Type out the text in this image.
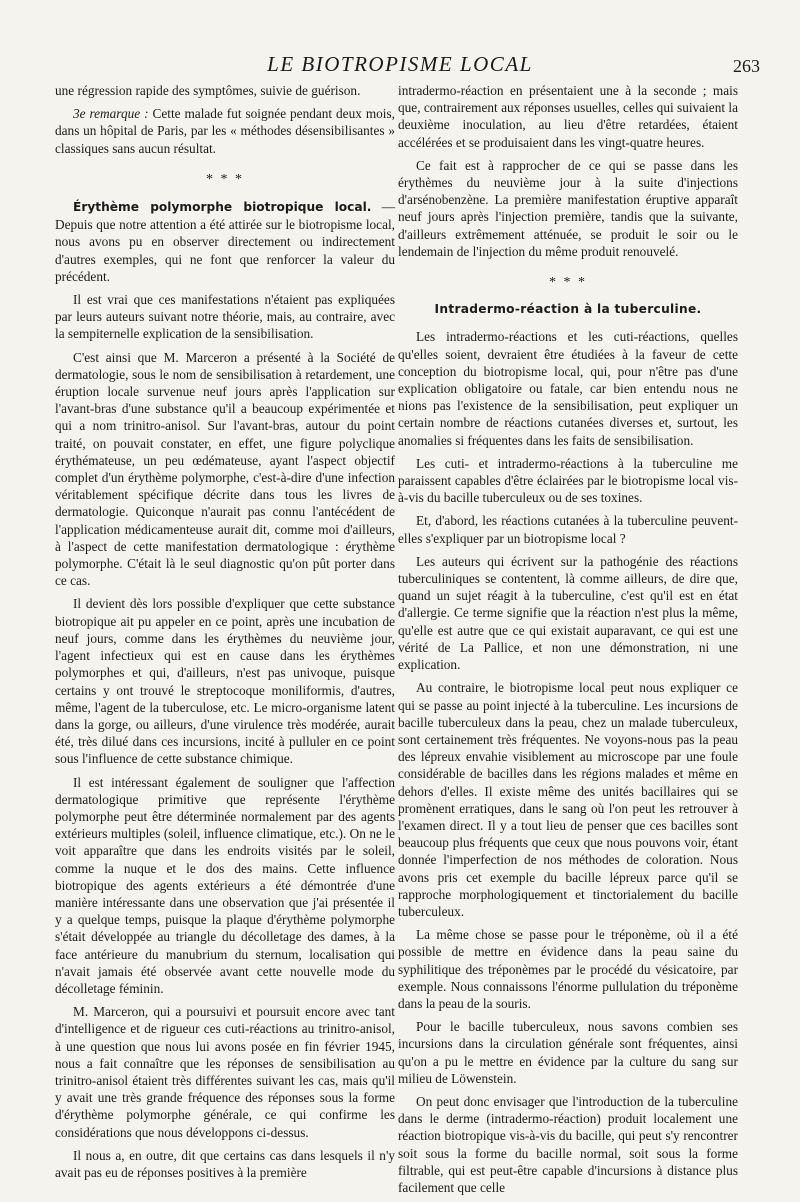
LE BIOTROPISME LOCAL	263

une régression rapide des symptômes, suivie de guérison.

3e remarque : Cette malade fut soignée pendant deux mois, dans un hôpital de Paris, par les « méthodes désensibilisantes » classiques sans aucun résultat.

* * *

Érythème polymorphe biotropique local. — Depuis que notre attention a été attirée sur le biotropisme local, nous avons pu en observer directement ou indirectement d'autres exemples, qui ne font que renforcer la valeur du précédent.

Il est vrai que ces manifestations n'étaient pas expliquées par leurs auteurs suivant notre théorie, mais, au contraire, avec la sempiternelle explication de la sensibilisation.

C'est ainsi que M. Marceron a présenté à la Société de dermatologie, sous le nom de sensibilisation à retardement, une éruption locale survenue neuf jours après l'application sur l'avant-bras d'une substance qu'il a beaucoup expérimentée et qui a nom trinitro-anisol. Sur l'avant-bras, autour du point traité, on pouvait constater, en effet, une figure polyclique érythémateuse, un peu œdémateuse, ayant l'aspect objectif complet d'un érythème polymorphe, c'est-à-dire d'une infection véritablement spécifique décrite dans tous les livres de dermatologie. Quiconque n'aurait pas connu l'antécédent de l'application médicamenteuse aurait dit, comme moi d'ailleurs, à l'aspect de cette manifestation dermatologique : érythème polymorphe. C'était là le seul diagnostic qu'on pût porter dans ce cas.

Il devient dès lors possible d'expliquer que cette substance biotropique ait pu appeler en ce point, après une incubation de neuf jours, comme dans les érythèmes du neuvième jour, l'agent infectieux qui est en cause dans les érythèmes polymorphes et qui, d'ailleurs, n'est pas univoque, puisque certains y ont trouvé le streptocoque moniliformis, d'autres, même, l'agent de la tuberculose, etc. Le micro-organisme latent dans la gorge, ou ailleurs, d'une virulence très modérée, aurait été, très dilué dans ces incursions, incité à pulluler en ce point sous l'influence de cette substance chimique.

Il est intéressant également de souligner que l'affection dermatologique primitive que représente l'érythème polymorphe peut être déterminée normalement par des agents extérieurs multiples (soleil, influence climatique, etc.). On ne le voit apparaître que dans les endroits visités par le soleil, comme la nuque et le dos des mains. Cette influence biotropique des agents extérieurs a été démontrée d'une manière intéressante dans une observation que j'ai présentée il y a quelque temps, puisque la plaque d'érythème polymorphe s'était développée au triangle du décolletage des dames, à la face antérieure du manubrium du sternum, localisation qui n'avait jamais été observée avant cette nouvelle mode du décolletage féminin.

M. Marceron, qui a poursuivi et poursuit encore avec tant d'intelligence et de rigueur ces cuti-réactions au trinitro-anisol, à une question que nous lui avons posée en fin février 1945, nous a fait connaître que les réponses de sensibilisation au trinitro-anisol étaient très différentes suivant les cas, mais qu'il y avait une très grande fréquence des réponses sous la forme d'érythème polymorphe générale, ce qui confirme les considérations que nous développons ci-dessus.

Il nous a, en outre, dit que certains cas dans lesquels il n'y avait pas eu de réponses positives à la première

intradermo-réaction en présentaient une à la seconde ; mais que, contrairement aux réponses usuelles, celles qui suivaient la deuxième inoculation, au lieu d'être retardées, étaient accélérées et se produisaient dans les vingt-quatre heures.

Ce fait est à rapprocher de ce qui se passe dans les érythèmes du neuvième jour à la suite d'injections d'arsénobenzène. La première manifestation éruptive apparaît neuf jours après l'injection première, tandis que la suivante, d'ailleurs extrêmement atténuée, se produit le soir ou le lendemain de l'injection du même produit renouvelé.

* * *
Intradermo-réaction à la tuberculine.

Les intradermo-réactions et les cuti-réactions, quelles qu'elles soient, devraient être étudiées à la faveur de cette conception du biotropisme local, qui, pour n'être pas d'une explication obligatoire ou fatale, car bien entendu nous ne nions pas l'existence de la sensibilisation, peut expliquer un certain nombre de réactions cutanées diverses et, surtout, les anomalies si fréquentes dans les faits de sensibilisation.

Les cuti- et intradermo-réactions à la tuberculine me paraissent capables d'être éclairées par le biotropisme local vis-à-vis du bacille tuberculeux ou de ses toxines.

Et, d'abord, les réactions cutanées à la tuberculine peuvent-elles s'expliquer par un biotropisme local ?

Les auteurs qui écrivent sur la pathogénie des réactions tuberculiniques se contentent, là comme ailleurs, de dire que, quand un sujet réagit à la tuberculine, c'est qu'il est en état d'allergie. Ce terme signifie que la réaction n'est plus la même, qu'elle est autre que ce qui existait auparavant, ce qui est une vérité de La Pallice, et non une démonstration, ni une explication.

Au contraire, le biotropisme local peut nous expliquer ce qui se passe au point injecté à la tuberculine. Les incursions de bacille tuberculeux dans la peau, chez un malade tuberculeux, sont certainement très fréquentes. Ne voyons-nous pas la peau des lépreux envahie visiblement au microscope par une foule considérable de bacilles dans les régions malades et même en dehors d'elles. Il existe même des unités bacillaires qui se promènent erratiques, dans le sang où l'on peut les retrouver à l'examen direct. Il y a tout lieu de penser que ces bacilles sont beaucoup plus fréquents que ceux que nous pouvons voir, étant donnée l'imperfection de nos méthodes de coloration. Nous avons pris cet exemple du bacille lépreux parce qu'il se rapproche morphologiquement et tinctorialement du bacille tuberculeux.

La même chose se passe pour le tréponème, où il a été possible de mettre en évidence dans la peau saine du syphilitique des tréponèmes par le procédé du vésicatoire, par exemple. Nous connaissons l'énorme pullulation du tréponème dans la peau de la souris.

Pour le bacille tuberculeux, nous savons combien ses incursions dans la circulation générale sont fréquentes, ainsi qu'on a pu le mettre en évidence par la culture du sang sur milieu de Löwenstein.

On peut donc envisager que l'introduction de la tuberculine dans le derme (intradermo-réaction) produit localement une réaction biotropique vis-à-vis du bacille, qui peut s'y rencontrer soit sous la forme du bacille normal, soit sous la forme filtrable, qui est peut-être capable d'incursions à distance plus facilement que celle
